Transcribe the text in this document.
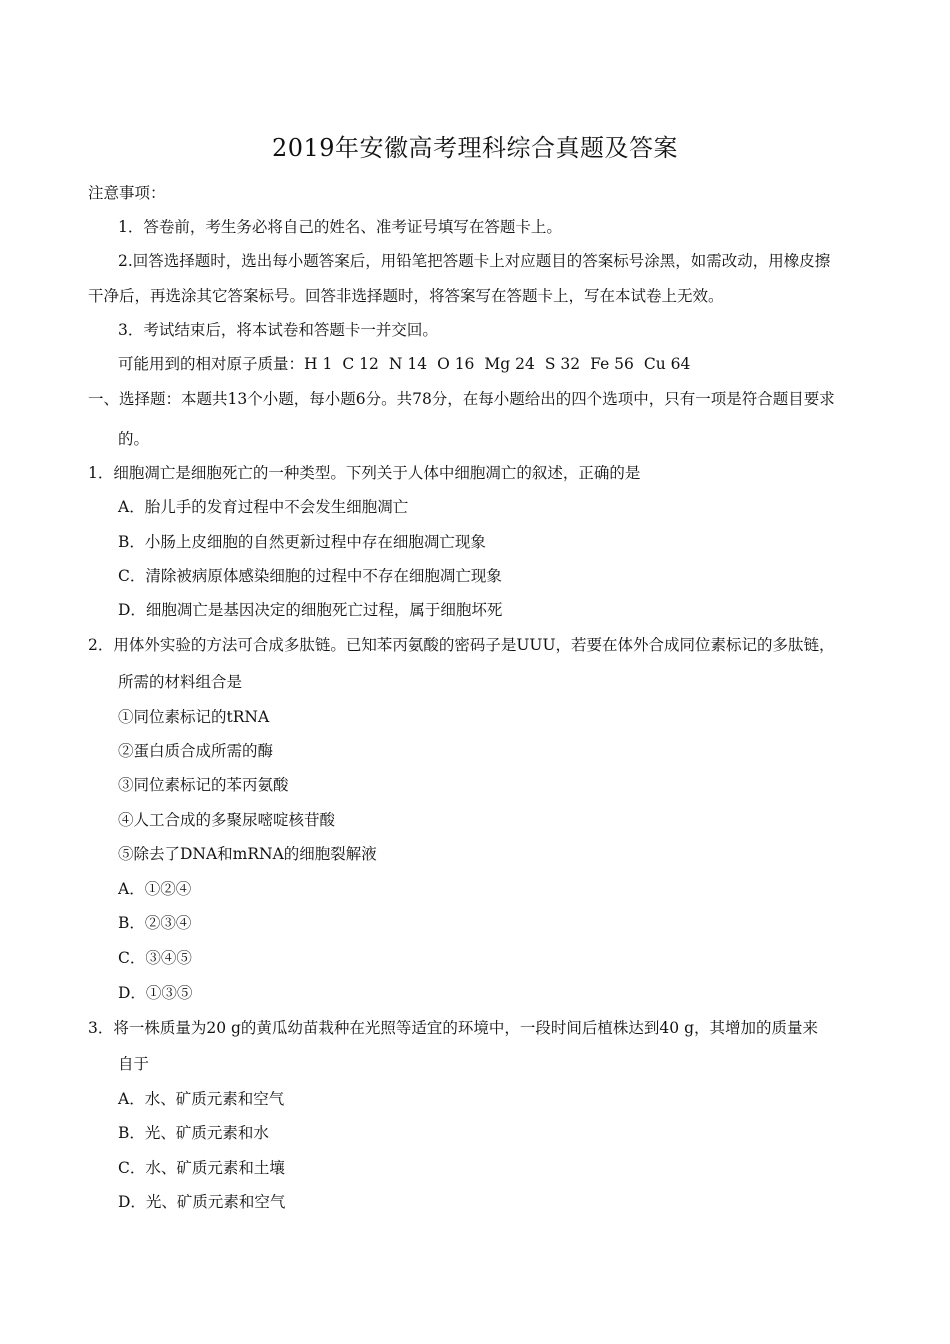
2019年安徽高考理科综合真题及答案
注意事项：
1．答卷前，考生务必将自己的姓名、准考证号填写在答题卡上。
2.回答选择题时，选出每小题答案后，用铅笔把答题卡上对应题目的答案标号涂黑，如需改动，用橡皮擦
干净后，再选涂其它答案标号。回答非选择题时，将答案写在答题卡上，写在本试卷上无效。
3．考试结束后，将本试卷和答题卡一并交回。
可能用到的相对原子质量：H 1 C 12 N 14 O 16 Mg 24 S 32 Fe 56 Cu 64
一、选择题：本题共13个小题，每小题6分。共78分，在每小题给出的四个选项中，只有一项是符合题目要求
的。
1．细胞凋亡是细胞死亡的一种类型。下列关于人体中细胞凋亡的叙述，正确的是
A．胎儿手的发育过程中不会发生细胞凋亡
B．小肠上皮细胞的自然更新过程中存在细胞凋亡现象
C．清除被病原体感染细胞的过程中不存在细胞凋亡现象
D．细胞凋亡是基因决定的细胞死亡过程，属于细胞坏死
2．用体外实验的方法可合成多肽链。已知苯丙氨酸的密码子是UUU，若要在体外合成同位素标记的多肽链，
所需的材料组合是
①同位素标记的tRNA
②蛋白质合成所需的酶
③同位素标记的苯丙氨酸
④人工合成的多聚尿嘧啶核苷酸
⑤除去了DNA和mRNA的细胞裂解液
A．①②④
B．②③④
C．③④⑤
D．①③⑤
3．将一株质量为20 g的黄瓜幼苗栽种在光照等适宜的环境中，一段时间后植株达到40 g，其增加的质量来
自于
A．水、矿质元素和空气
B．光、矿质元素和水
C．水、矿质元素和土壤
D．光、矿质元素和空气
